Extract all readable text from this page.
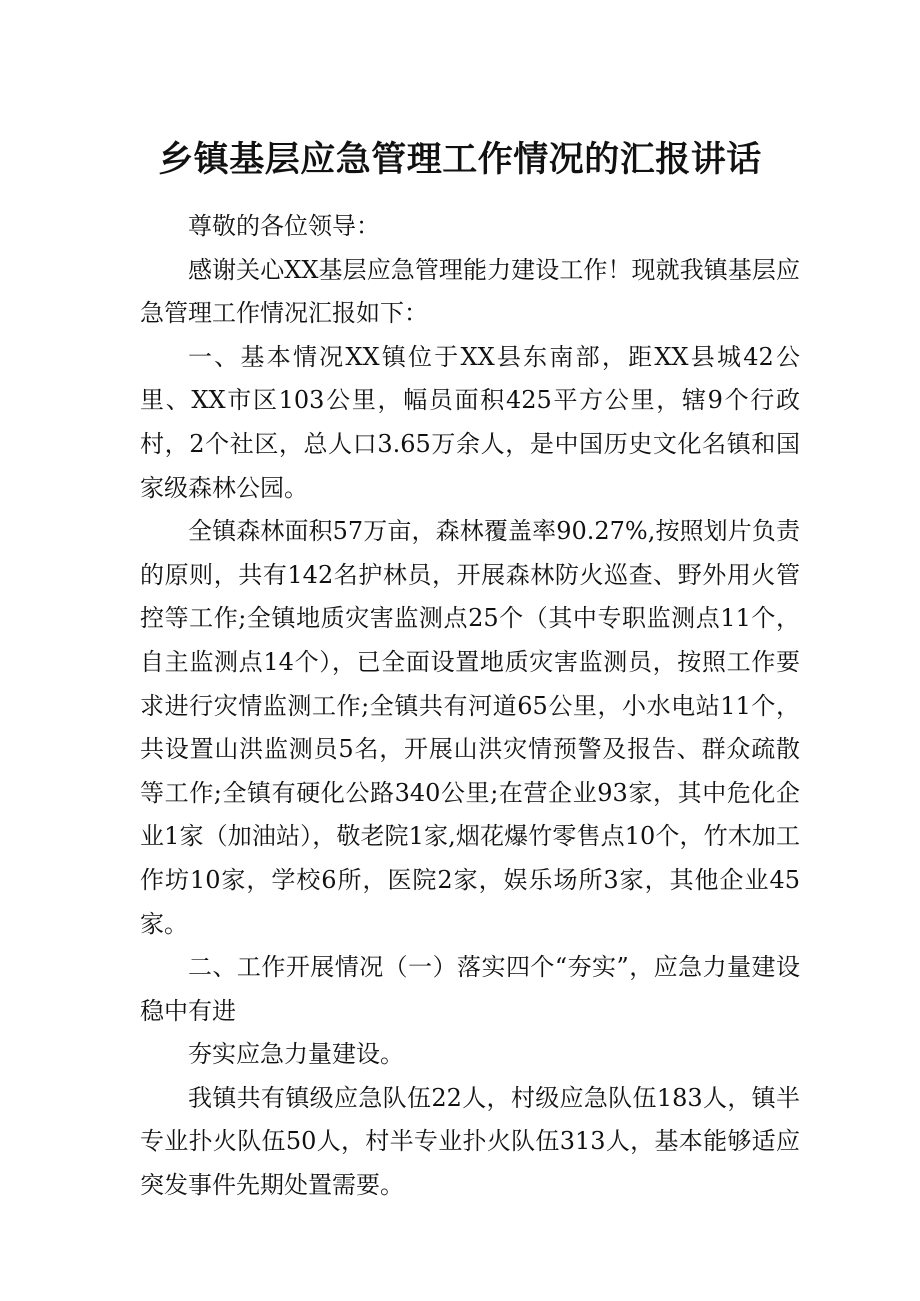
乡镇基层应急管理工作情况的汇报讲话

尊敬的各位领导：

感谢关心XX基层应急管理能力建设工作！现就我镇基层应急管理工作情况汇报如下：

一、基本情况XX镇位于XX县东南部，距XX县城42公里、XX市区103公里，幅员面积425平方公里，辖9个行政村，2个社区，总人口3.65万余人，是中国历史文化名镇和国家级森林公园。

全镇森林面积57万亩，森林覆盖率90.27%,按照划片负责的原则，共有142名护林员，开展森林防火巡查、野外用火管控等工作;全镇地质灾害监测点25个（其中专职监测点11个，自主监测点14个），已全面设置地质灾害监测员，按照工作要求进行灾情监测工作;全镇共有河道65公里，小水电站11个，共设置山洪监测员5名，开展山洪灾情预警及报告、群众疏散等工作;全镇有硬化公路340公里;在营企业93家，其中危化企业1家（加油站），敬老院1家,烟花爆竹零售点10个，竹木加工作坊10家，学校6所，医院2家，娱乐场所3家，其他企业45家。

二、工作开展情况（一）落实四个“夯实”，应急力量建设稳中有进

夯实应急力量建设。

我镇共有镇级应急队伍22人，村级应急队伍183人，镇半专业扑火队伍50人，村半专业扑火队伍313人，基本能够适应突发事件先期处置需要。
